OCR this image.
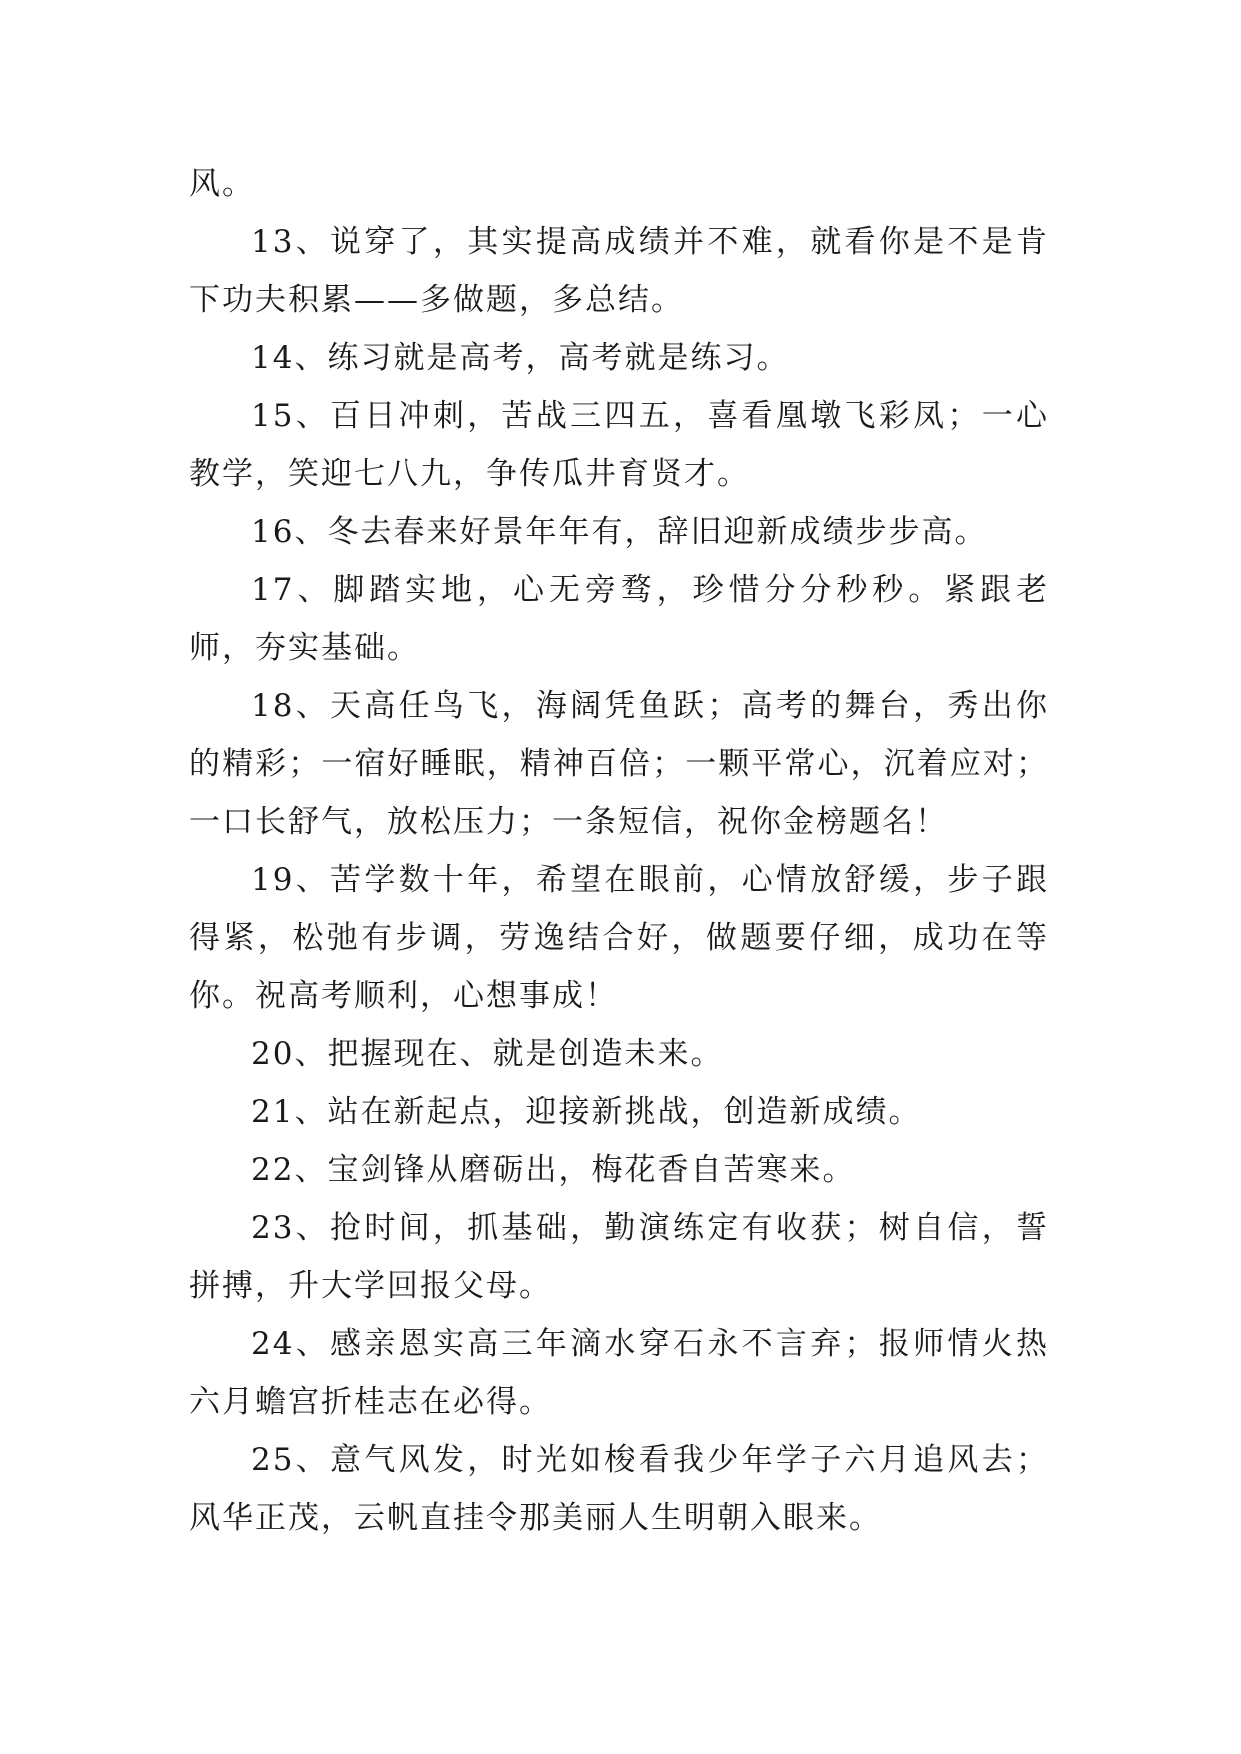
风。

13、说穿了，其实提高成绩并不难，就看你是不是肯下功夫积累——多做题，多总结。

14、练习就是高考，高考就是练习。

15、百日冲刺，苦战三四五，喜看凰墩飞彩凤；一心教学，笑迎七八九，争传瓜井育贤才。

16、冬去春来好景年年有，辞旧迎新成绩步步高。

17、脚踏实地，心无旁骛，珍惜分分秒秒。紧跟老师，夯实基础。

18、天高任鸟飞，海阔凭鱼跃；高考的舞台，秀出你的精彩；一宿好睡眠，精神百倍；一颗平常心，沉着应对；一口长舒气，放松压力；一条短信，祝你金榜题名！

19、苦学数十年，希望在眼前，心情放舒缓，步子跟得紧，松弛有步调，劳逸结合好，做题要仔细，成功在等你。祝高考顺利，心想事成！

20、把握现在、就是创造未来。

21、站在新起点，迎接新挑战，创造新成绩。

22、宝剑锋从磨砺出，梅花香自苦寒来。

23、抢时间，抓基础，勤演练定有收获；树自信，誓拼搏，升大学回报父母。

24、感亲恩实高三年滴水穿石永不言弃；报师情火热六月蟾宫折桂志在必得。

25、意气风发，时光如梭看我少年学子六月追风去；风华正茂，云帆直挂令那美丽人生明朝入眼来。
